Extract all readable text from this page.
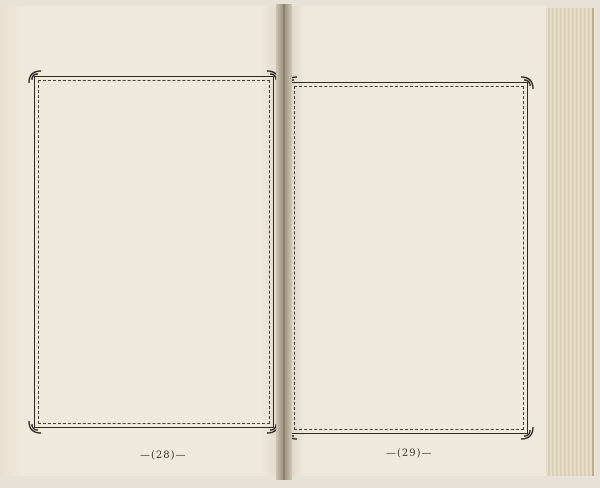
—(28)—	—(29)—
